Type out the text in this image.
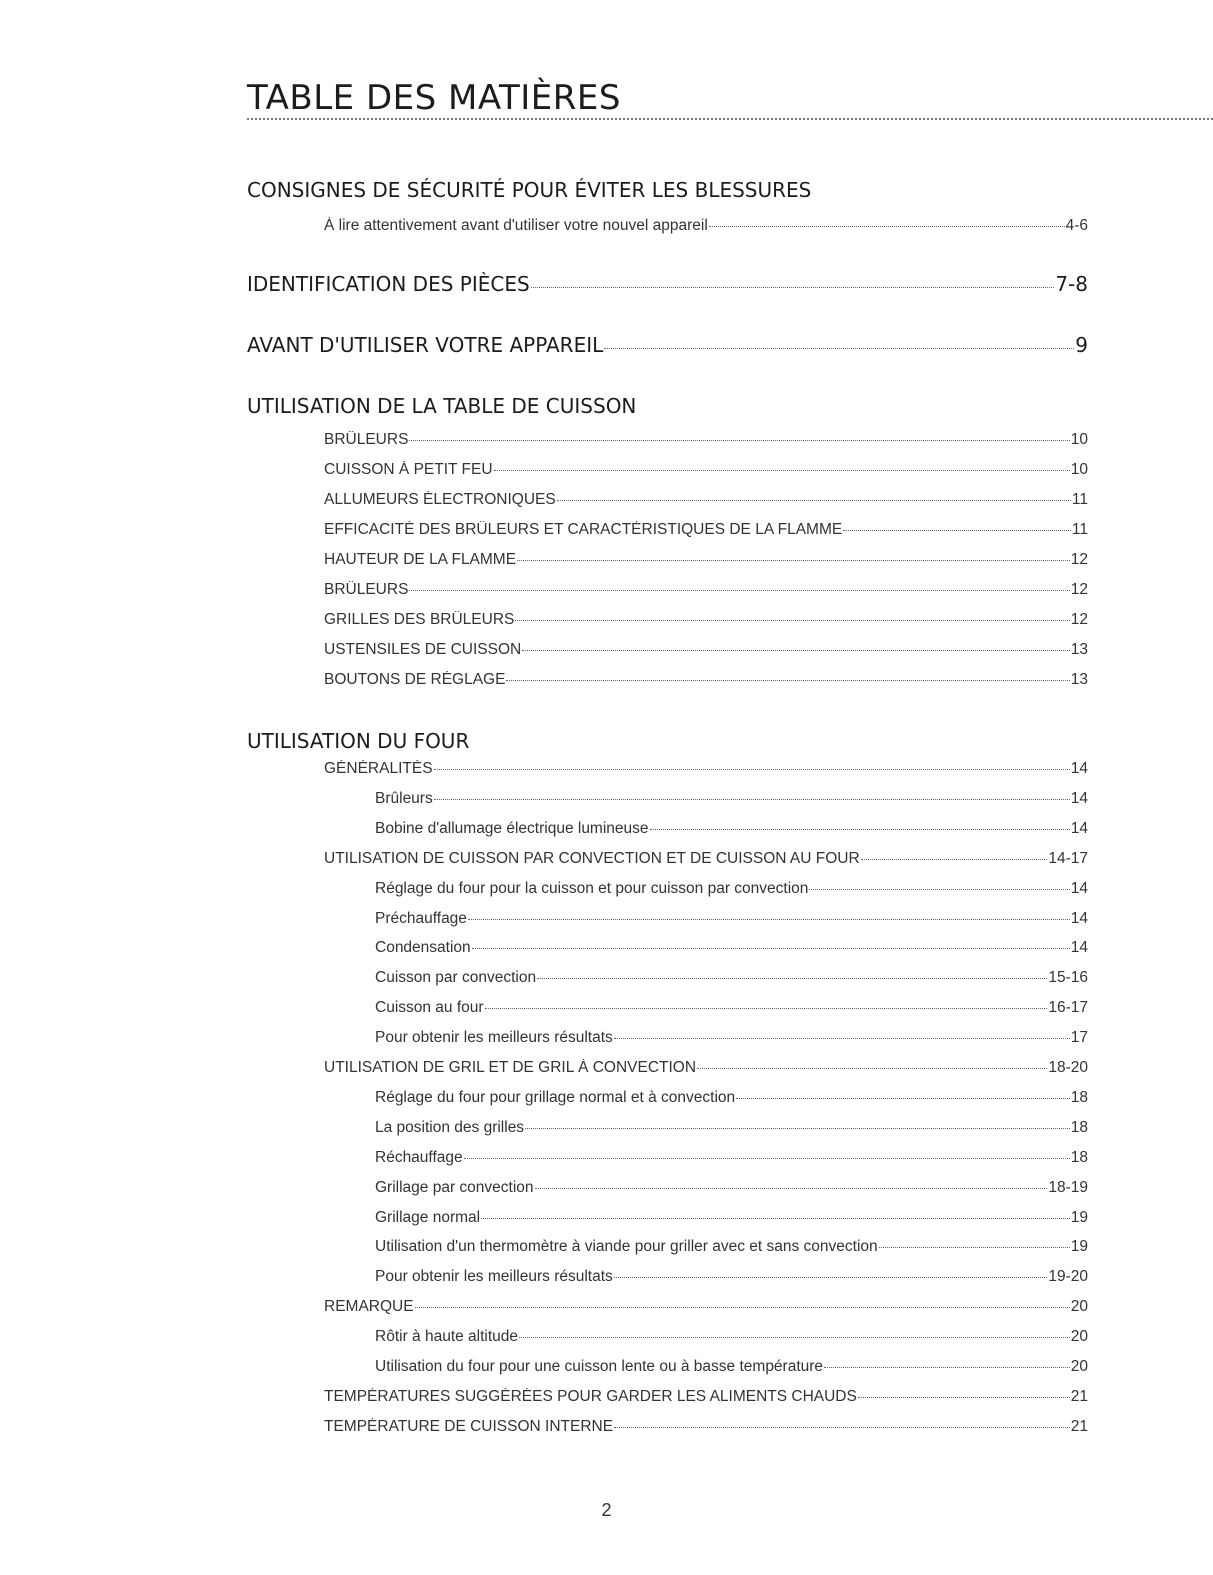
TABLE DES MATIÈRES
CONSIGNES DE SÉCURITÉ POUR ÉVITER LES BLESSURES
À lire attentivement avant d'utiliser votre nouvel appareil	4-6
IDENTIFICATION DES PIÈCES	7-8
AVANT D'UTILISER VOTRE APPAREIL	9
UTILISATION DE LA TABLE DE CUISSON
BRÛLEURS	10
CUISSON À PETIT FEU	10
ALLUMEURS ÉLECTRONIQUES	11
EFFICACITÉ DES BRÛLEURS ET CARACTÉRISTIQUES DE LA FLAMME	11
HAUTEUR DE LA FLAMME	12
BRÛLEURS	12
GRILLES DES BRÛLEURS	12
USTENSILES DE CUISSON	13
BOUTONS DE RÉGLAGE	13
UTILISATION DU FOUR
GÉNÉRALITÉS	14
Brûleurs	14
Bobine d'allumage électrique lumineuse	14
UTILISATION DE CUISSON PAR CONVECTION ET DE CUISSON AU FOUR	14-17
Réglage du four pour la cuisson et pour cuisson par convection	14
Préchauffage	14
Condensation	14
Cuisson par convection	15-16
Cuisson au four	16-17
Pour obtenir les meilleurs résultats	17
UTILISATION DE GRIL ET DE GRIL À CONVECTION	18-20
Réglage du four pour grillage normal et à convection	18
La position des grilles	18
Réchauffage	18
Grillage par convection	18-19
Grillage normal	19
Utilisation d'un thermomètre à viande pour griller avec et sans convection	19
Pour obtenir les meilleurs résultats	19-20
REMARQUE	20
Rôtir à haute altitude	20
Utilisation du four pour une cuisson lente ou à basse température	20
TEMPÉRATURES SUGGÉRÉES POUR GARDER LES ALIMENTS CHAUDS	21
TEMPÉRATURE DE CUISSON INTERNE	21
2
